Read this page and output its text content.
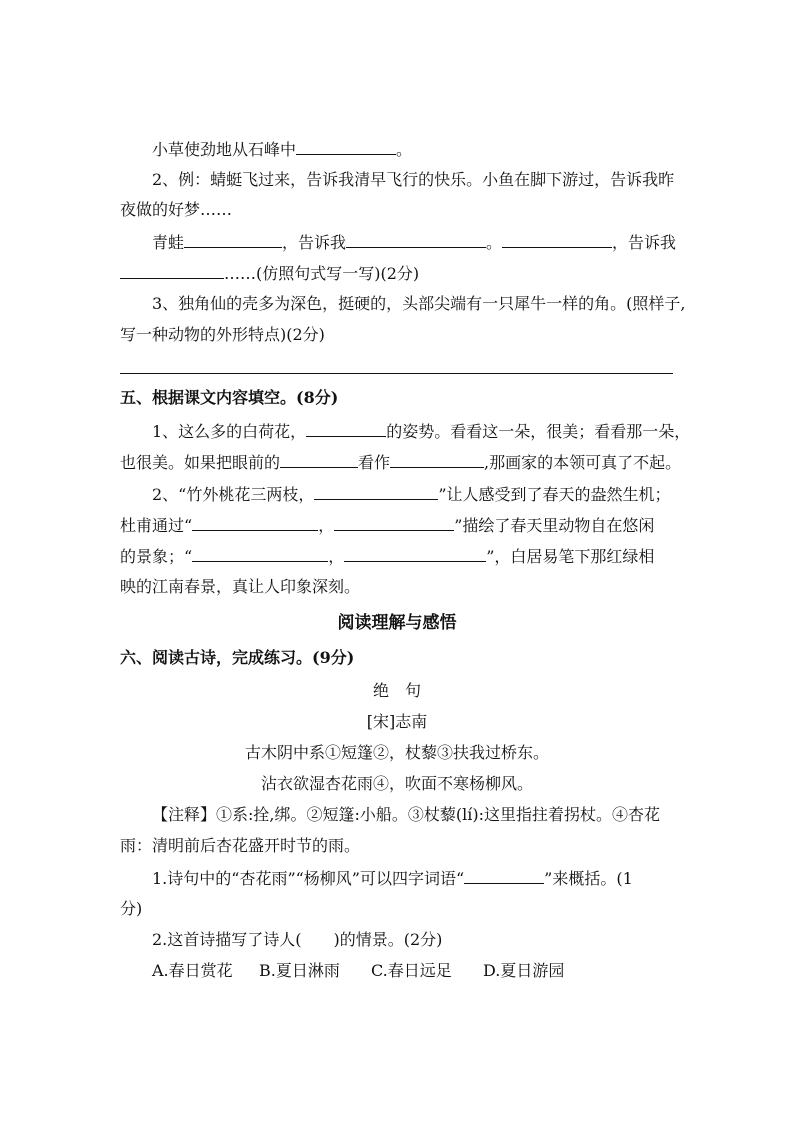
小草使劲地从石峰中	。
2、例：蜻蜓飞过来，告诉我清早飞行的快乐。小鱼在脚下游过，告诉我昨
夜做的好梦……
青蛙	，告诉我	。	，告诉我
……(仿照句式写一写)(2分)
3、独角仙的壳多为深色，挺硬的，头部尖端有一只犀牛一样的角。(照样子,
写一种动物的外形特点)(2分)
五、根据课文内容填空。(8分)
1、这么多的白荷花，	的姿势。看看这一朵，很美；看看那一朵，
也很美。如果把眼前的	看作	,那画家的本领可真了不起。
2、“竹外桃花三两枝，	”让人感受到了春天的盎然生机；
杜甫通过“	，	”描绘了春天里动物自在悠闲
的景象；“	，	”，白居易笔下那红绿相
映的江南春景，真让人印象深刻。
阅读理解与感悟
六、阅读古诗，完成练习。(9分)
绝　句
[宋]志南
古木阴中系①短篷②，杖藜③扶我过桥东。
沾衣欲湿杏花雨④，吹面不寒杨柳风。
【注释】①系:拴,绑。②短篷:小船。③杖藜(lí):这里指拄着拐杖。④杏花
雨：清明前后杏花盛开时节的雨。
1.诗句中的“杏花雨”“杨柳风”可以四字词语“	”来概括。(1
分)
2.这首诗描写了诗人(　　)的情景。(2分)
A.春日赏花 B.夏日淋雨 C.春日远足 D.夏日游园
